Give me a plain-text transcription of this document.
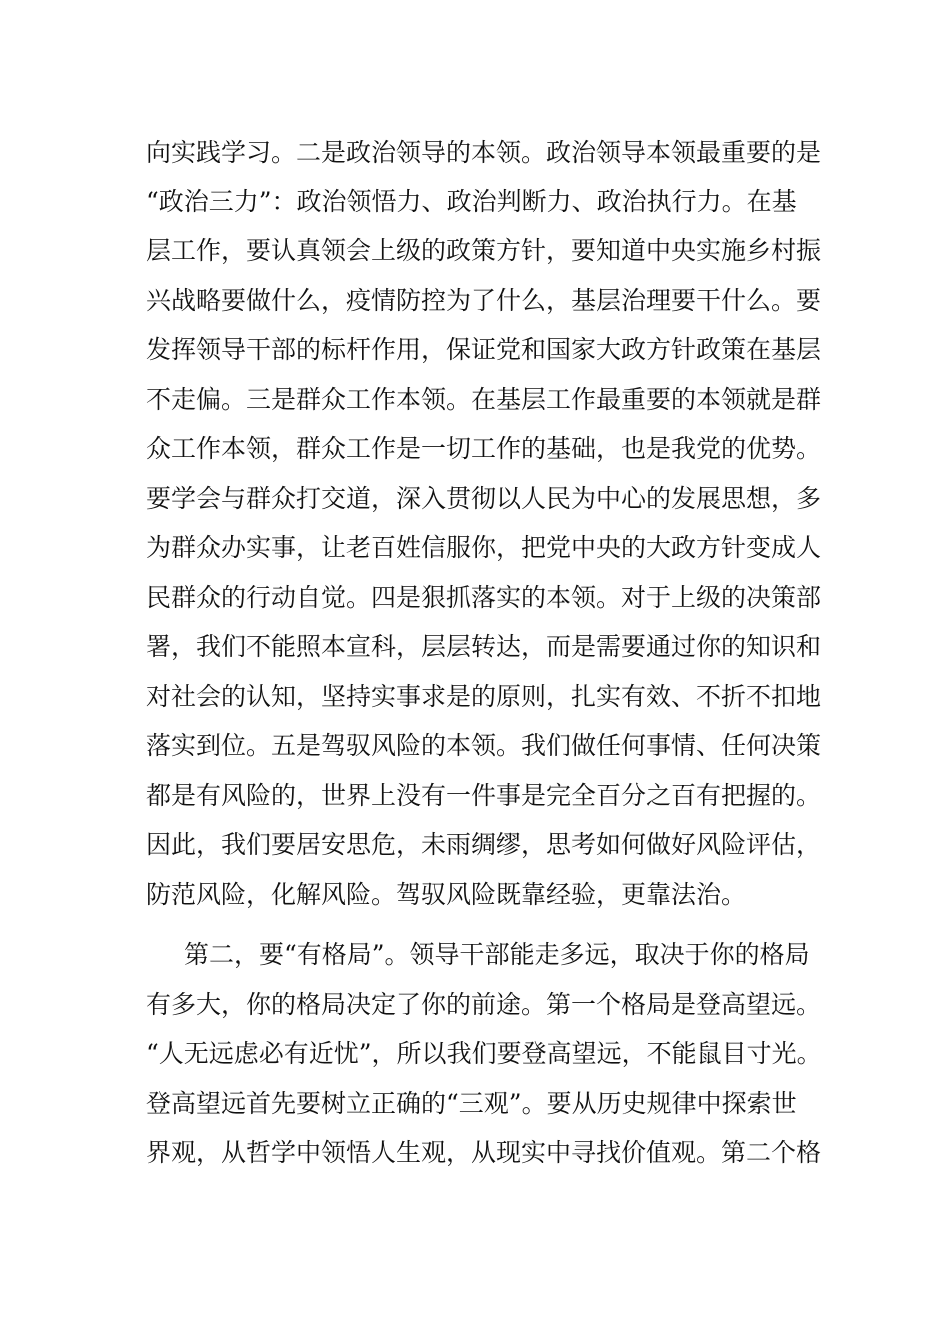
向实践学习。二是政治领导的本领。政治领导本领最重要的是
“政治三力”：政治领悟力、政治判断力、政治执行力。在基
层工作，要认真领会上级的政策方针，要知道中央实施乡村振
兴战略要做什么，疫情防控为了什么，基层治理要干什么。要
发挥领导干部的标杆作用，保证党和国家大政方针政策在基层
不走偏。三是群众工作本领。在基层工作最重要的本领就是群
众工作本领，群众工作是一切工作的基础，也是我党的优势。
要学会与群众打交道，深入贯彻以人民为中心的发展思想，多
为群众办实事，让老百姓信服你，把党中央的大政方针变成人
民群众的行动自觉。四是狠抓落实的本领。对于上级的决策部
署，我们不能照本宣科，层层转达，而是需要通过你的知识和
对社会的认知，坚持实事求是的原则，扎实有效、不折不扣地
落实到位。五是驾驭风险的本领。我们做任何事情、任何决策
都是有风险的，世界上没有一件事是完全百分之百有把握的。
因此，我们要居安思危，未雨绸缪，思考如何做好风险评估，
防范风险，化解风险。驾驭风险既靠经验，更靠法治。
第二，要“有格局”。领导干部能走多远，取决于你的格局
有多大，你的格局决定了你的前途。第一个格局是登高望远。
“人无远虑必有近忧”，所以我们要登高望远，不能鼠目寸光。
登高望远首先要树立正确的“三观”。要从历史规律中探索世
界观，从哲学中领悟人生观，从现实中寻找价值观。第二个格
